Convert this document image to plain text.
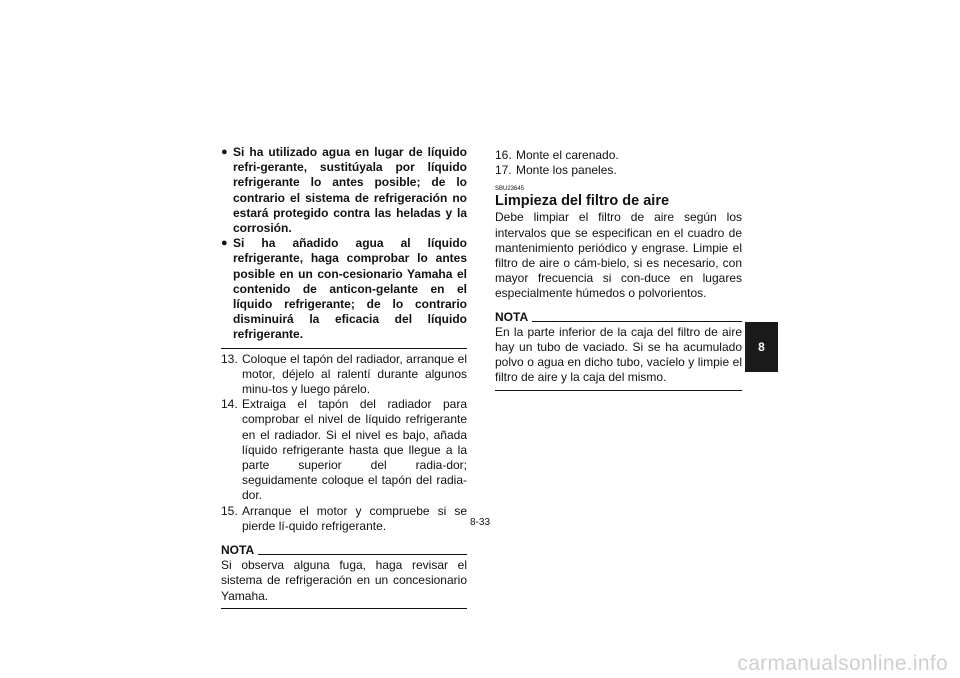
● Si ha utilizado agua en lugar de líquido refri-gerante, sustitúyala por líquido refrigerante lo antes posible; de lo contrario el sistema de refrigeración no estará protegido contra las heladas y la corrosión.
● Si ha añadido agua al líquido refrigerante, haga comprobar lo antes posible en un con-cesionario Yamaha el contenido de anticon-gelante en el líquido refrigerante; de lo contrario disminuirá la eficacia del líquido refrigerante.
13. Coloque el tapón del radiador, arranque el motor, déjelo al ralentí durante algunos minu-tos y luego párelo.
14. Extraiga el tapón del radiador para comprobar el nivel de líquido refrigerante en el radiador. Si el nivel es bajo, añada líquido refrigerante hasta que llegue a la parte superior del radia-dor; seguidamente coloque el tapón del radia-dor.
15. Arranque el motor y compruebe si se pierde lí-quido refrigerante.
NOTA
Si observa alguna fuga, haga revisar el sistema de refrigeración en un concesionario Yamaha.
16. Monte el carenado.
17. Monte los paneles.
SBU23645
Limpieza del filtro de aire
Debe limpiar el filtro de aire según los intervalos que se especifican en el cuadro de mantenimiento periódico y engrase. Limpie el filtro de aire o cám-bielo, si es necesario, con mayor frecuencia si con-duce en lugares especialmente húmedos o polvorientos.
NOTA
En la parte inferior de la caja del filtro de aire hay un tubo de vaciado. Si se ha acumulado polvo o agua en dicho tubo, vacíelo y limpie el filtro de aire y la caja del mismo.
8-33
8
carmanualsonline.info
